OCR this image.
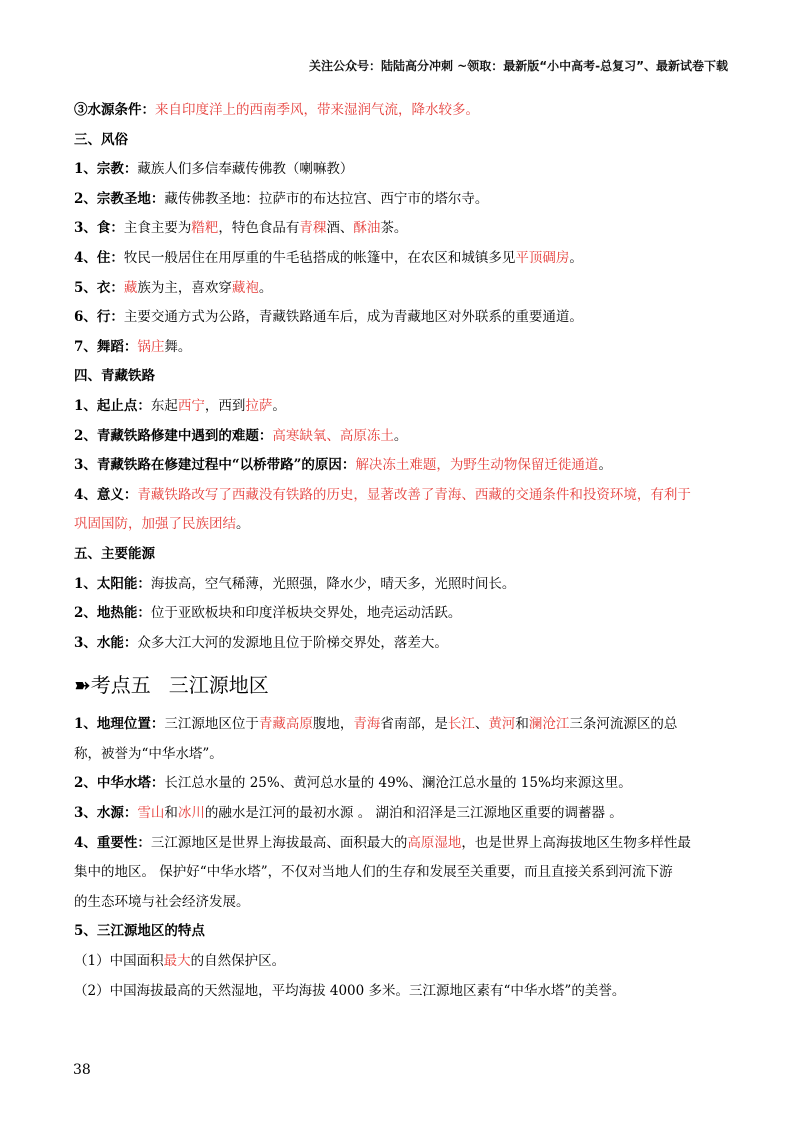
关注公众号：陆陆高分冲刺 ~领取：最新版“小中高考-总复习”、最新试卷下载
③水源条件：来自印度洋上的西南季风，带来湿润气流，降水较多。
三、风俗
1、宗教：藏族人们多信奉藏传佛教（喇嘛教）
2、宗教圣地：藏传佛教圣地：拉萨市的布达拉宫、西宁市的塔尔寺。
3、食：主食主要为糌粑，特色食品有青稞酒、酥油茶。
4、住：牧民一般居住在用厚重的牛毛毡搭成的帐篷中，在农区和城镇多见平顶碉房。
5、衣：藏族为主，喜欢穿藏袍。
6、行：主要交通方式为公路，青藏铁路通车后，成为青藏地区对外联系的重要通道。
7、舞蹈：锅庄舞。
四、青藏铁路
1、起止点：东起西宁，西到拉萨。
2、青藏铁路修建中遇到的难题：高寒缺氧、高原冻土。
3、青藏铁路在修建过程中“以桥带路”的原因：解决冻土难题，为野生动物保留迁徙通道。
4、意义：青藏铁路改写了西藏没有铁路的历史，显著改善了青海、西藏的交通条件和投资环境，有利于
巩固国防，加强了民族团结。
五、主要能源
1、太阳能：海拔高，空气稀薄，光照强，降水少，晴天多，光照时间长。
2、地热能：位于亚欧板块和印度洋板块交界处，地壳运动活跃。
3、水能：众多大江大河的发源地且位于阶梯交界处，落差大。
➽考点五 三江源地区
1、地理位置：三江源地区位于青藏高原腹地，青海省南部，是长江、黄河和澜沧江三条河流源区的总
称，被誉为“中华水塔”。
2、中华水塔：长江总水量的 25%、黄河总水量的 49%、澜沧江总水量的 15%均来源这里。
3、水源：雪山和冰川的融水是江河的最初水源 。 湖泊和沼泽是三江源地区重要的调蓄器 。
4、重要性：三江源地区是世界上海拔最高、面积最大的高原湿地，也是世界上高海拔地区生物多样性最
集中的地区。 保护好“中华水塔”，不仅对当地人们的生存和发展至关重要，而且直接关系到河流下游
的生态环境与社会经济发展。
5、三江源地区的特点
（1）中国面积最大的自然保护区。
（2）中国海拔最高的天然湿地，平均海拔 4000 多米。三江源地区素有“中华水塔”的美誉。
38
